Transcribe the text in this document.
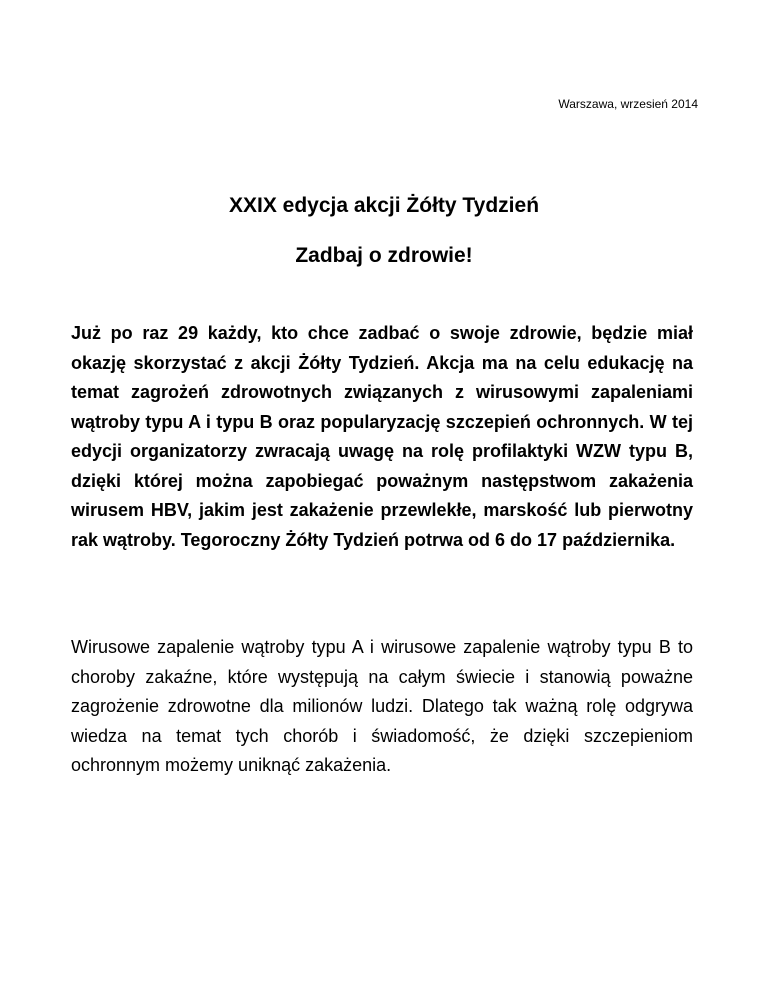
Warszawa, wrzesień 2014
XXIX edycja akcji Żółty Tydzień
Zadbaj o zdrowie!

Już po raz 29 każdy, kto chce zadbać o swoje zdrowie, będzie miał okazję skorzystać z akcji Żółty Tydzień. Akcja ma na celu edukację na temat zagrożeń zdrowotnych związanych z wirusowymi zapaleniami wątroby typu A i typu B oraz popularyzację szczepień ochronnych. W tej edycji organizatorzy zwracają uwagę na rolę profilaktyki WZW typu B, dzięki której można zapobiegać poważnym następstwom zakażenia wirusem HBV, jakim jest zakażenie przewlekłe, marskość lub pierwotny rak wątroby. Tegoroczny Żółty Tydzień potrwa od 6 do 17 października.

Wirusowe zapalenie wątroby typu A i wirusowe zapalenie wątroby typu B to choroby zakaźne, które występują na całym świecie i stanowią poważne zagrożenie zdrowotne dla milionów ludzi. Dlatego tak ważną rolę odgrywa wiedza na temat tych chorób i świadomość, że dzięki szczepieniom ochronnym możemy uniknąć zakażenia.
